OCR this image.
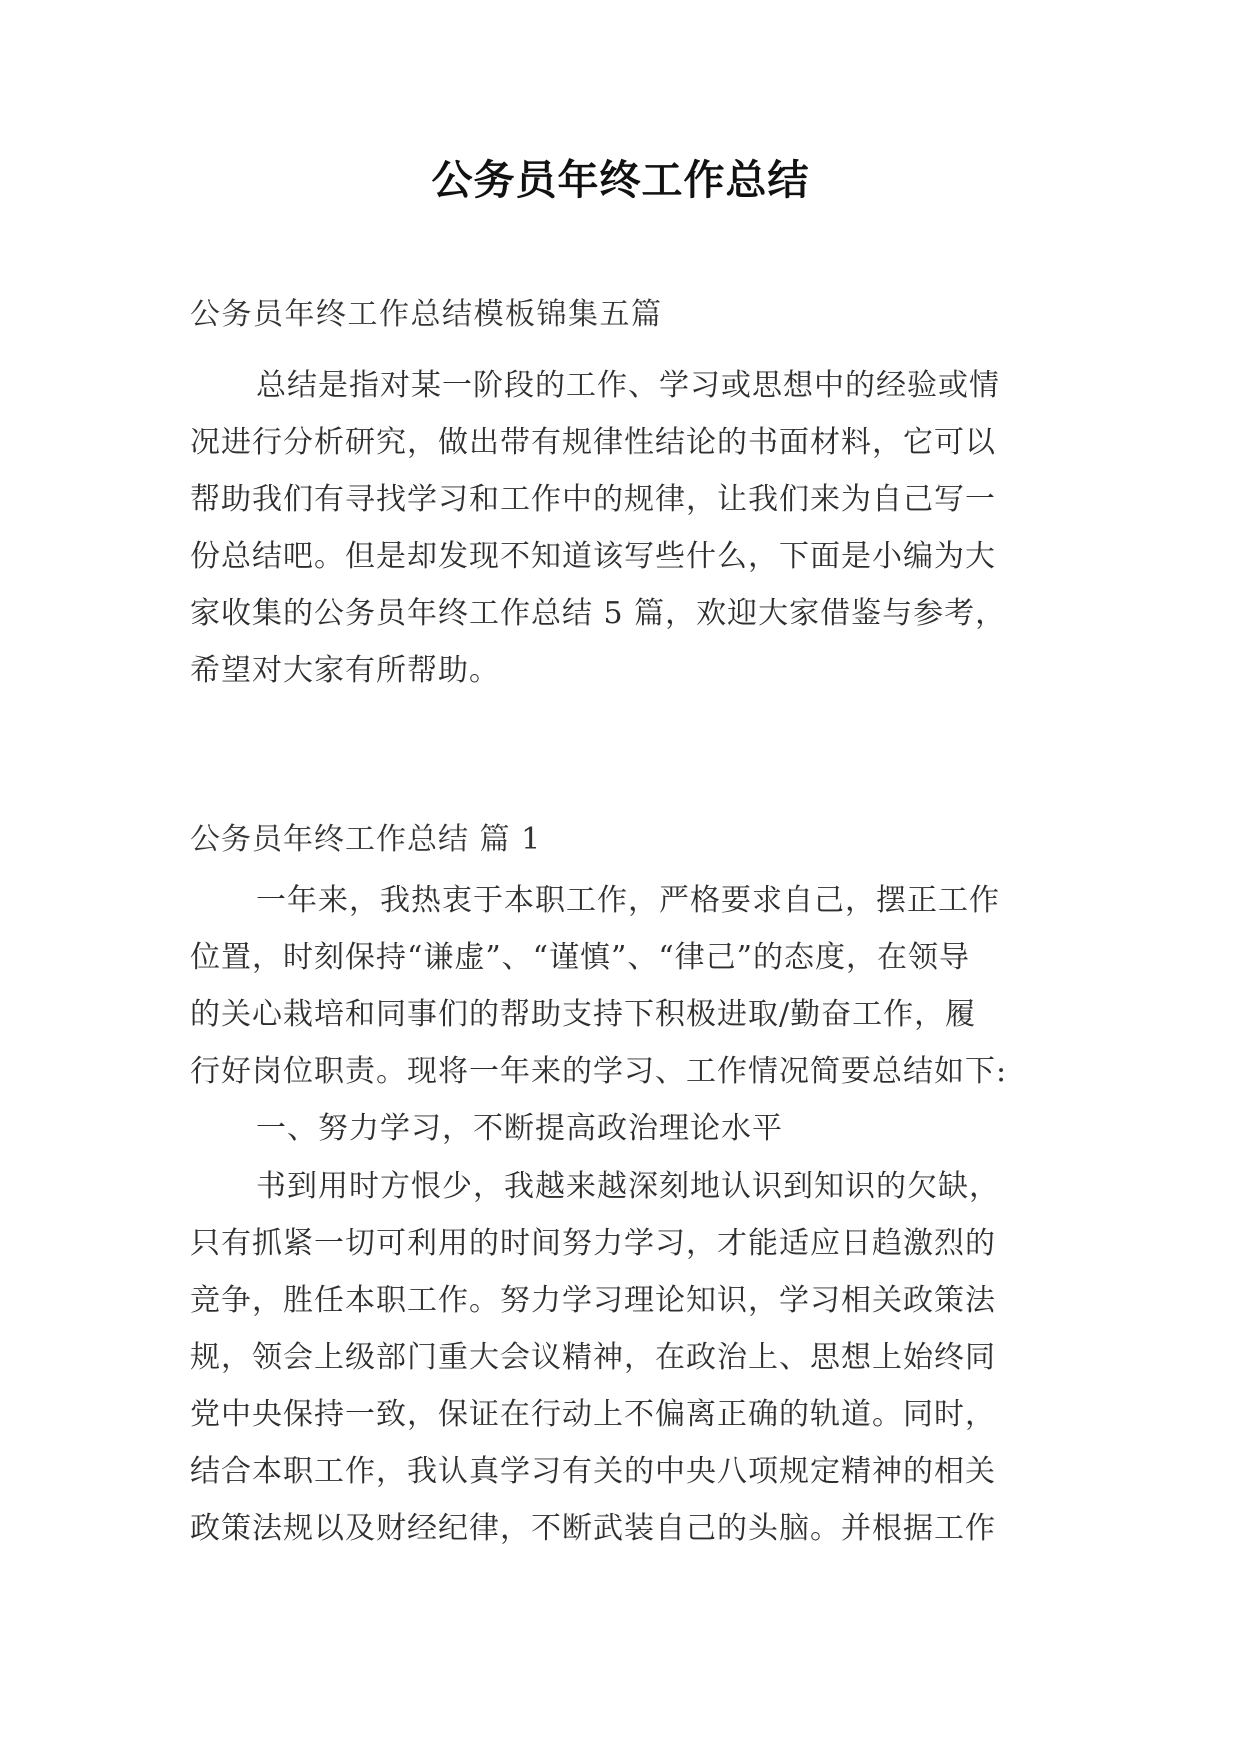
公务员年终工作总结
公务员年终工作总结模板锦集五篇
总结是指对某一阶段的工作、学习或思想中的经验或情
况进行分析研究，做出带有规律性结论的书面材料，它可以
帮助我们有寻找学习和工作中的规律，让我们来为自己写一
份总结吧。但是却发现不知道该写些什么，下面是小编为大
家收集的公务员年终工作总结 5 篇，欢迎大家借鉴与参考，
希望对大家有所帮助。
公务员年终工作总结 篇 1
一年来，我热衷于本职工作，严格要求自己，摆正工作
位置，时刻保持“谦虚”、“谨慎”、“律己”的态度，在领导
的关心栽培和同事们的帮助支持下积极进取/勤奋工作，履
行好岗位职责。现将一年来的学习、工作情况简要总结如下:
一、努力学习，不断提高政治理论水平
书到用时方恨少，我越来越深刻地认识到知识的欠缺，
只有抓紧一切可利用的时间努力学习，才能适应日趋激烈的
竞争，胜任本职工作。努力学习理论知识，学习相关政策法
规，领会上级部门重大会议精神，在政治上、思想上始终同
党中央保持一致，保证在行动上不偏离正确的轨道。同时，
结合本职工作，我认真学习有关的中央八项规定精神的相关
政策法规以及财经纪律，不断武装自己的头脑。并根据工作
